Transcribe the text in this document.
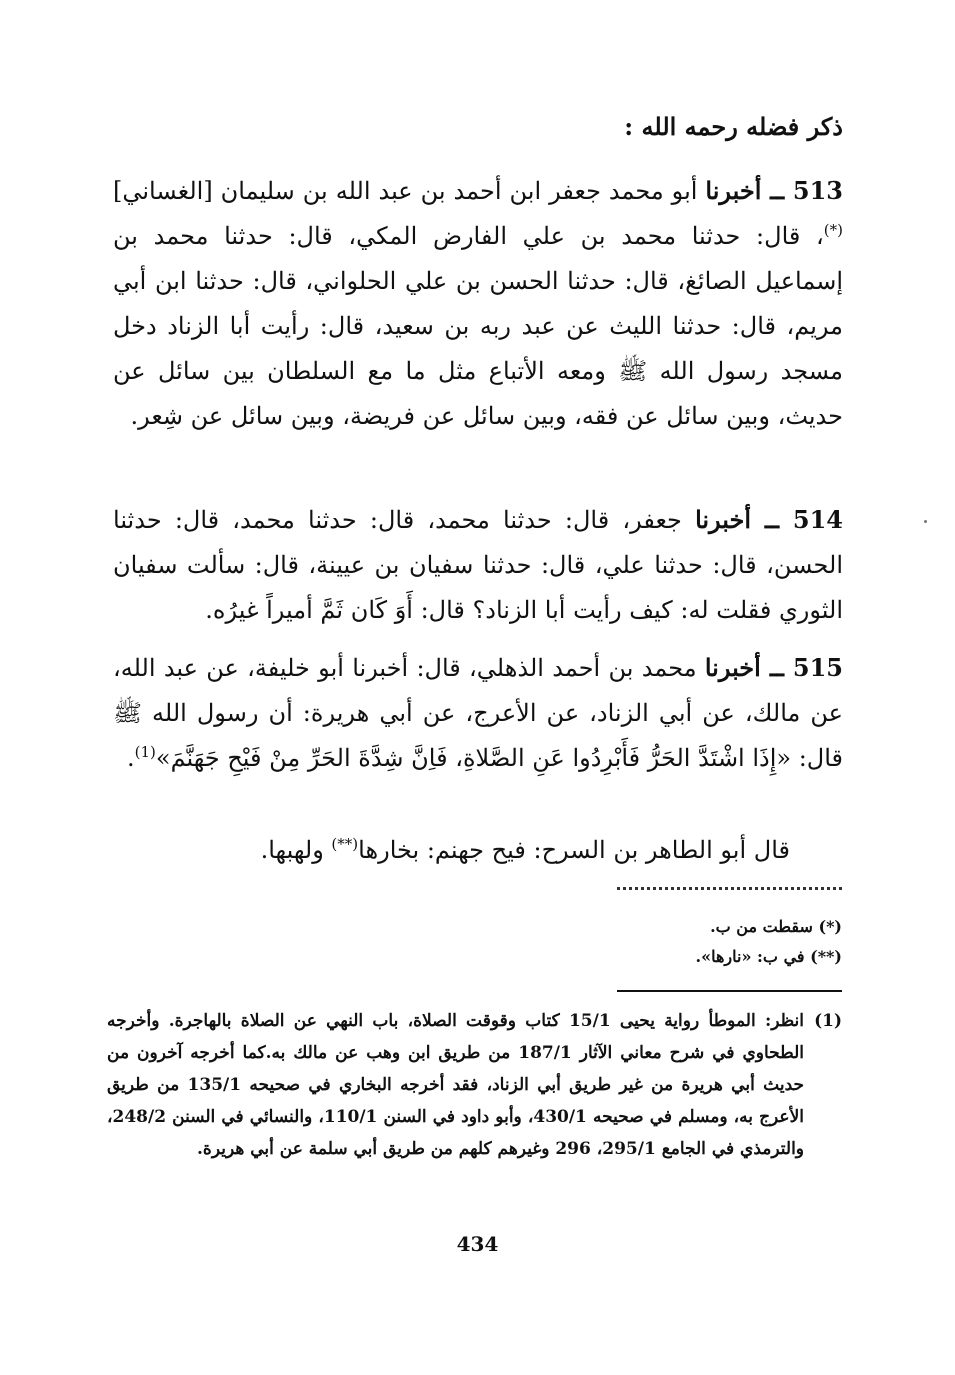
ذكر فضله رحمه الله :
513 ــ أخبرنا أبو محمد جعفر ابن أحمد بن عبد الله بن سليمان [الغساني](*)، قال: حدثنا محمد بن علي الفارض المكي، قال: حدثنا محمد بن إسماعيل الصائغ، قال: حدثنا الحسن بن علي الحلواني، قال: حدثنا ابن أبي مريم، قال: حدثنا الليث عن عبد ربه بن سعيد، قال: رأيت أبا الزناد دخل مسجد رسول الله ﷺ ومعه الأتباع مثل ما مع السلطان بين سائل عن حديث، وبين سائل عن فقه، وبين سائل عن فريضة، وبين سائل عن شِعر.
514 ــ أخبرنا جعفر، قال: حدثنا محمد، قال: حدثنا محمد، قال: حدثنا الحسن، قال: حدثنا علي، قال: حدثنا سفيان بن عيينة، قال: سألت سفيان الثوري فقلت له: كيف رأيت أبا الزناد؟ قال: أَوَ كَان ثَمَّ أميراً غيرُه.
515 ــ أخبرنا محمد بن أحمد الذهلي، قال: أخبرنا أبو خليفة، عن عبد الله، عن مالك، عن أبي الزناد، عن الأعرج، عن أبي هريرة: أن رسول الله ﷺ قال: «إِذَا اشْتَدَّ الحَرُّ فَأَبْرِدُوا عَنِ الصَّلاةِ، فَاِنَّ شِدَّةَ الحَرِّ مِنْ فَيْحِ جَهَنَّمَ»$^{(1)}$.
قال أبو الطاهر بن السرح: فيح جهنم: بخارها(**) ولهبها.
(*) سقطت من ب.
(**) في ب: «نارها».
(1)
انظر: الموطأ رواية يحيى 15/1 كتاب وقوقت الصلاة، باب النهي عن الصلاة بالهاجرة. وأخرجه الطحاوي في شرح معاني الآثار 187/1 من طريق ابن وهب عن مالك به.كما أخرجه آخرون من حديث أبي هريرة من غير طريق أبي الزناد، فقد أخرجه البخاري في صحيحه 135/1 من طريق الأعرج به، ومسلم في صحيحه 430/1، وأبو داود في السنن 110/1، والنسائي في السنن 248/2، والترمذي في الجامع 295/1، 296 وغيرهم كلهم من طريق أبي سلمة عن أبي هريرة.
434
